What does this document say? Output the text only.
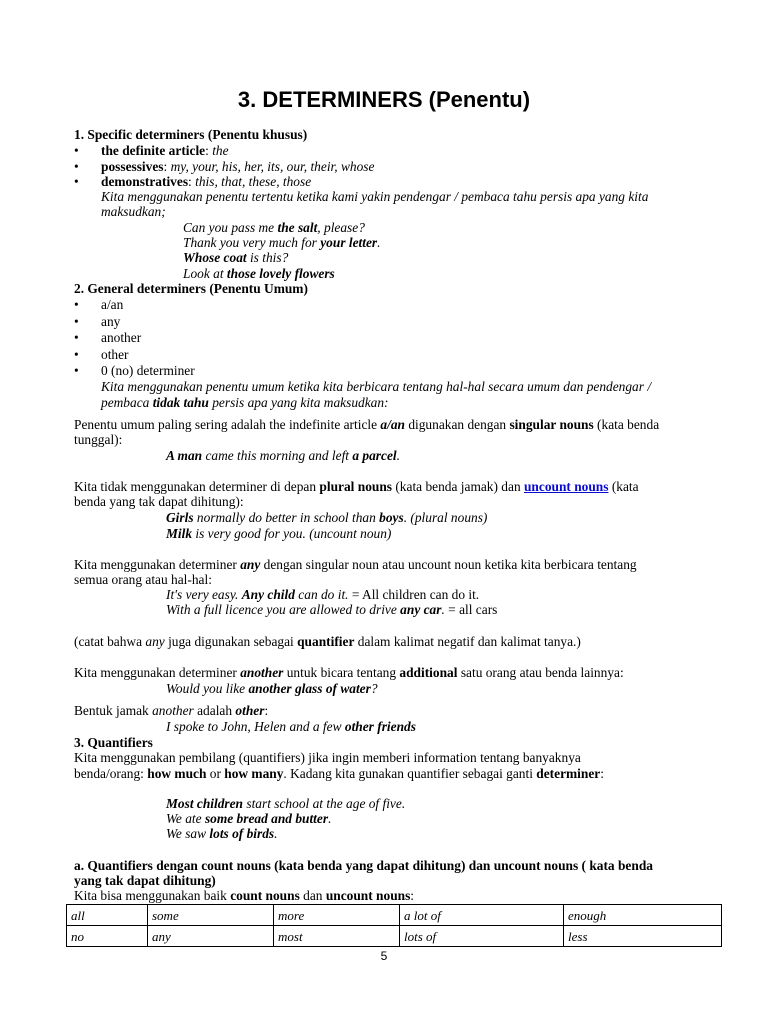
3. DETERMINERS (Penentu)
1. Specific determiners (Penentu khusus)
• the definite article: the
• possessives: my, your, his, her, its, our, their, whose
• demonstratives: this, that, these, those
Kita menggunakan penentu tertentu ketika kami yakin pendengar / pembaca tahu persis apa yang kita
maksudkan;
Can you pass me the salt, please?
Thank you very much for your letter.
Whose coat is this?
Look at those lovely flowers
2. General determiners (Penentu Umum)
• a/an
• any
• another
• other
• 0 (no) determiner
Kita menggunakan penentu umum ketika kita berbicara tentang hal-hal secara umum dan pendengar /
pembaca tidak tahu persis apa yang kita maksudkan:
Penentu umum paling sering adalah the indefinite article a/an digunakan dengan singular nouns (kata benda
tunggal):
A man came this morning and left a parcel.
Kita tidak menggunakan determiner di depan plural nouns (kata benda jamak) dan uncount nouns (kata
benda yang tak dapat dihitung):
Girls normally do better in school than boys. (plural nouns)
Milk is very good for you. (uncount noun)
Kita menggunakan determiner any dengan singular noun atau uncount noun ketika kita berbicara tentang
semua orang atau hal-hal:
It's very easy. Any child can do it. = All children can do it.
With a full licence you are allowed to drive any car. = all cars
(catat bahwa any juga digunakan sebagai quantifier dalam kalimat negatif dan kalimat tanya.)
Kita menggunakan determiner another untuk bicara tentang additional satu orang atau benda lainnya:
Would you like another glass of water?
Bentuk jamak another adalah other:
I spoke to John, Helen and a few other friends
3. Quantifiers
Kita menggunakan pembilang (quantifiers) jika ingin memberi information tentang banyaknya
benda/orang: how much or how many. Kadang kita gunakan quantifier sebagai ganti determiner:
Most children start school at the age of five.
We ate some bread and butter.
We saw lots of birds.
a. Quantifiers dengan count nouns (kata benda yang dapat dihitung) dan uncount nouns ( kata benda
yang tak dapat dihitung)
Kita bisa menggunakan baik count nouns dan uncount nouns:
all	some	more	a lot of	enough
no	any	most	lots of	less
5
